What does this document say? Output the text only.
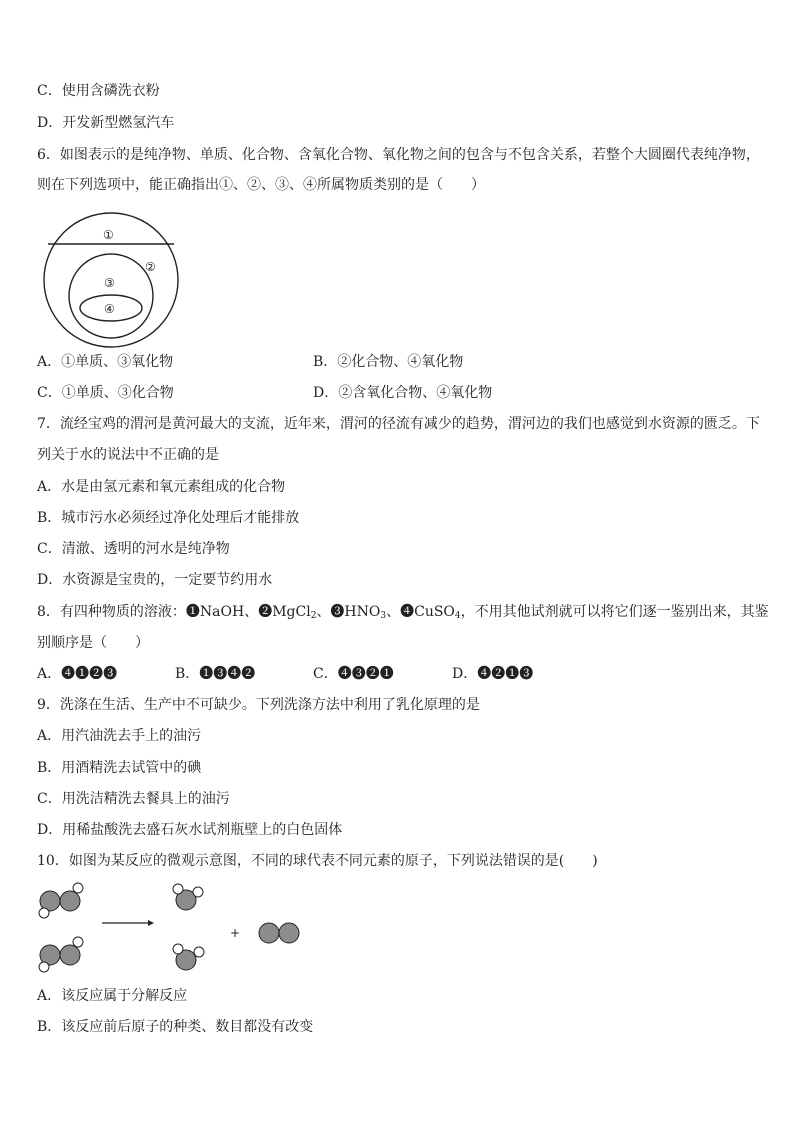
C．使用含磷洗衣粉
D．开发新型燃氢汽车
6．如图表示的是纯净物、单质、化合物、含氧化合物、氧化物之间的包含与不包含关系，若整个大圆圈代表纯净物，
则在下列选项中，能正确指出①、②、③、④所属物质类别的是（　　）
①
②
③
④
A．①单质、③氧化物	B．②化合物、④氧化物
C．①单质、③化合物	D．②含氧化合物、④氧化物
7．流经宝鸡的渭河是黄河最大的支流，近年来，渭河的径流有减少的趋势，渭河边的我们也感觉到水资源的匮乏。下
列关于水的说法中不正确的是
A．水是由氢元素和氧元素组成的化合物
B．城市污水必须经过净化处理后才能排放
C．清澈、透明的河水是纯净物
D．水资源是宝贵的，一定要节约用水
8．有四种物质的溶液：❶NaOH、❷MgCl$_2$、$❸HNO_3$、❹CuSO$_4$，不用其他试剂就可以将它们逐一鉴别出来，其鉴
别顺序是（　　）
A．❹❶❷❸	B．❶❸❹❷	C．❹❸❷❶	D．❹❷❶❸
9．洗涤在生活、生产中不可缺少。下列洗涤方法中利用了乳化原理的是
A．用汽油洗去手上的油污
B．用酒精洗去试管中的碘
C．用洗洁精洗去餐具上的油污
D．用稀盐酸洗去盛石灰水试剂瓶壁上的白色固体
10．如图为某反应的微观示意图，不同的球代表不同元素的原子，下列说法错误的是(　　)
+
A．该反应属于分解反应
B．该反应前后原子的种类、数目都没有改变
